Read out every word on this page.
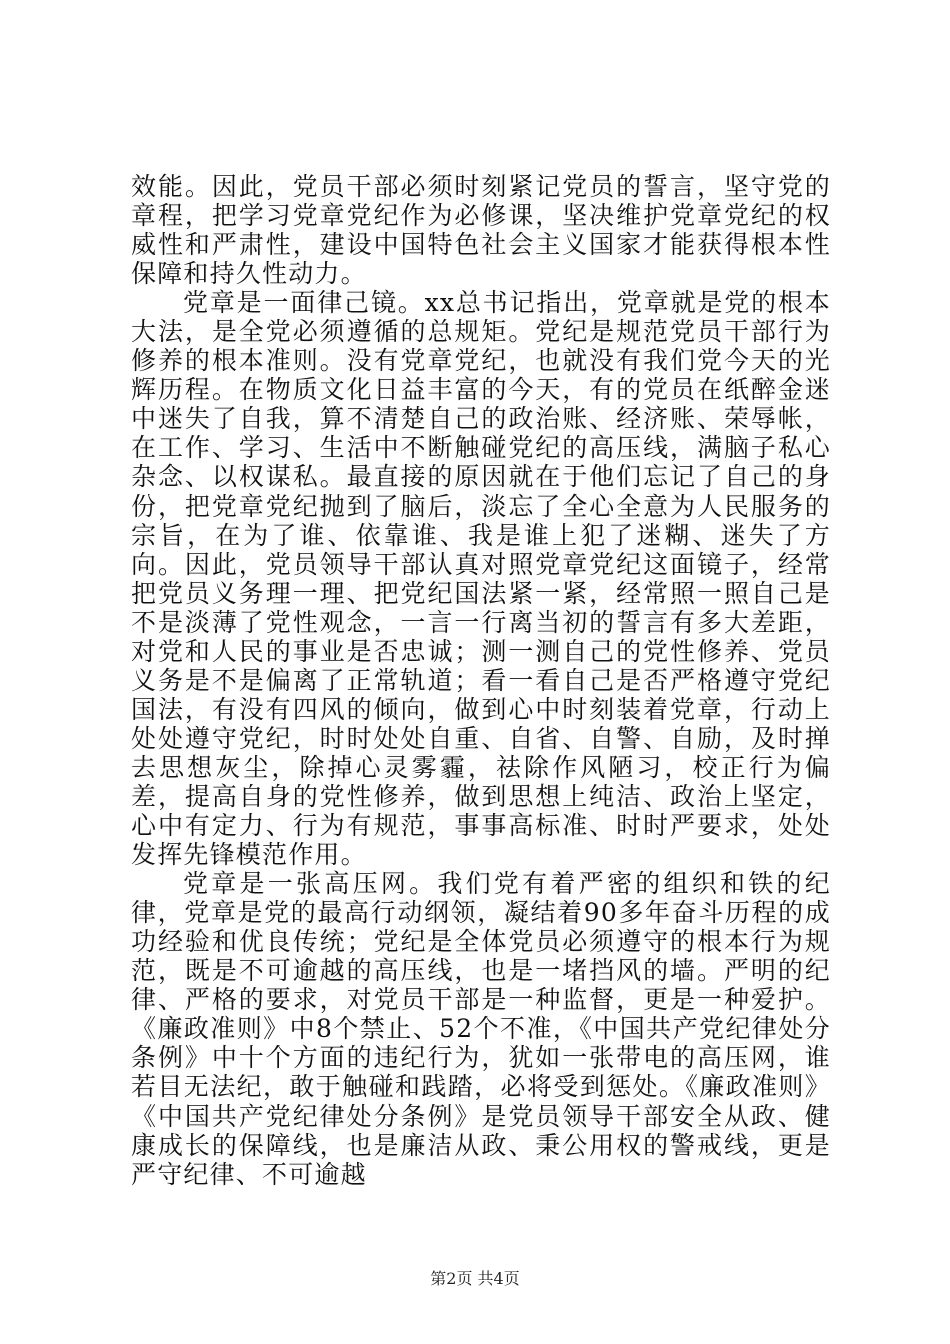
效能。因此，党员干部必须时刻紧记党员的誓言，坚守党的章程，把学习党章党纪作为必修课，坚决维护党章党纪的权威性和严肃性，建设中国特色社会主义国家才能获得根本性保障和持久性动力。

党章是一面律己镜。xx总书记指出，党章就是党的根本大法，是全党必须遵循的总规矩。党纪是规范党员干部行为修养的根本准则。没有党章党纪，也就没有我们党今天的光辉历程。在物质文化日益丰富的今天，有的党员在纸醉金迷中迷失了自我，算不清楚自己的政治账、经济账、荣辱帐，在工作、学习、生活中不断触碰党纪的高压线，满脑子私心杂念、以权谋私。最直接的原因就在于他们忘记了自己的身份，把党章党纪抛到了脑后，淡忘了全心全意为人民服务的宗旨，在为了谁、依靠谁、我是谁上犯了迷糊、迷失了方向。因此，党员领导干部认真对照党章党纪这面镜子，经常把党员义务理一理、把党纪国法紧一紧，经常照一照自己是不是淡薄了党性观念，一言一行离当初的誓言有多大差距，对党和人民的事业是否忠诚；测一测自己的党性修养、党员义务是不是偏离了正常轨道；看一看自己是否严格遵守党纪国法，有没有四风的倾向，做到心中时刻装着党章，行动上处处遵守党纪，时时处处自重、自省、自警、自励，及时掸去思想灰尘，除掉心灵雾霾，祛除作风陋习，校正行为偏差，提高自身的党性修养，做到思想上纯洁、政治上坚定，心中有定力、行为有规范，事事高标准、时时严要求，处处发挥先锋模范作用。

党章是一张高压网。我们党有着严密的组织和铁的纪律，党章是党的最高行动纲领，凝结着90多年奋斗历程的成功经验和优良传统；党纪是全体党员必须遵守的根本行为规范，既是不可逾越的高压线，也是一堵挡风的墙。严明的纪律、严格的要求，对党员干部是一种监督，更是一种爱护。《廉政准则》中8个禁止、52个不准，《中国共产党纪律处分条例》中十个方面的违纪行为，犹如一张带电的高压网，谁若目无法纪，敢于触碰和践踏，必将受到惩处。《廉政准则》《中国共产党纪律处分条例》是党员领导干部安全从政、健康成长的保障线，也是廉洁从政、秉公用权的警戒线，更是严守纪律、不可逾越

第2页 共4页
